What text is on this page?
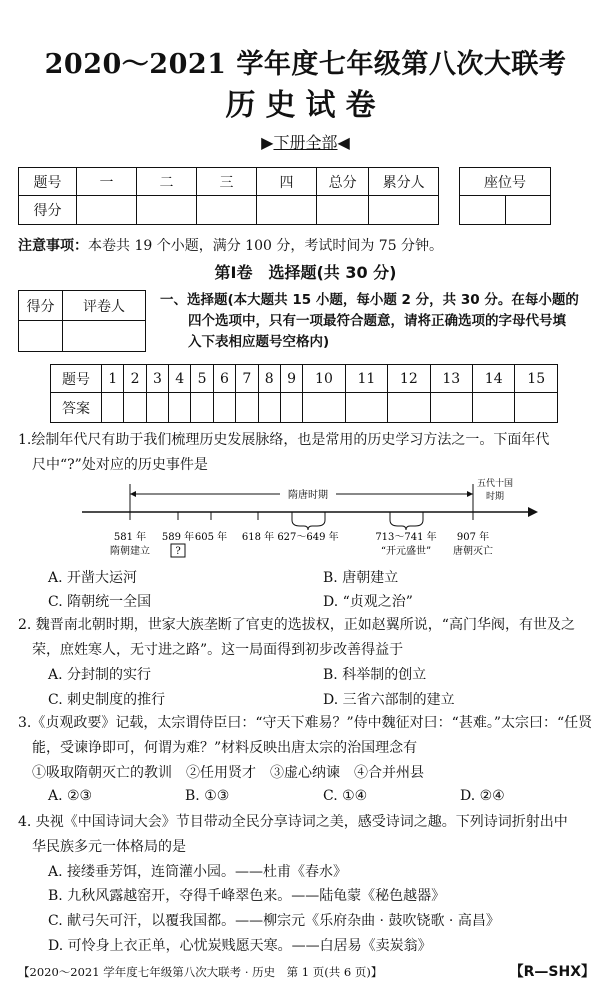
2020～2021 学年度七年级第八次大联考
历史试卷
▶下册全部◀
题号	一	二	三	四	总分	累分人
得分						
座位号

注意事项：本卷共 19 个小题，满分 100 分，考试时间为 75 分钟。
第Ⅰ卷　选择题(共 30 分)
得分	评卷人
		一、选择题(本大题共 15 小题，每小题 2 分，共 30 分。在每小题的
四个选项中，只有一项最符合题意，请将正确选项的字母代号填
入下表相应题号空格内)
题号	1	2	3	4	5	6	7	8	9	10	11	12	13	14	15
答案															
1.绘制年代尺有助于我们梳理历史发展脉络，也是常用的历史学习方法之一。下面年代
尺中“?”处对应的历史事件是
隋唐时期
五代十国
时期
581 年 589 年 605 年 618 年 627～649 年	713～741 年 907 年
隋朝建立	?	“开元盛世” 唐朝灭亡
A. 开凿大运河	B. 唐朝建立
C. 隋朝统一全国	D. “贞观之治”
2. 魏晋南北朝时期，世家大族垄断了官吏的选拔权，正如赵翼所说，“高门华阀，有世及之
荣，庶姓寒人，无寸进之路”。这一局面得到初步改善得益于
A. 分封制的实行	B. 科举制的创立
C. 刺史制度的推行	D. 三省六部制的建立
3.《贞观政要》记载，太宗谓侍臣曰：“守天下难易？”侍中魏征对曰：“甚难。”太宗曰：“任贤
能，受谏诤即可，何谓为难？”材料反映出唐太宗的治国理念有
①吸取隋朝灭亡的教训　②任用贤才　③虚心纳谏　④合并州县
A. ②③	B. ①③	C. ①④	D. ②④
4. 央视《中国诗词大会》节目带动全民分享诗词之美，感受诗词之趣。下列诗词折射出中
华民族多元一体格局的是
A. 接缕垂芳饵，连筒灌小园。——杜甫《春水》
B. 九秋风露越窑开，夺得千峰翠色来。——陆龟蒙《秘色越器》
C. 献弓矢可汗，以覆我国都。——柳宗元《乐府杂曲 · 鼓吹铙歌 · 高昌》
D. 可怜身上衣正单，心忧炭贱愿天寒。——白居易《卖炭翁》
【2020～2021 学年度七年级第八次大联考 · 历史　第 1 页(共 6 页)】	【R—SHX】
